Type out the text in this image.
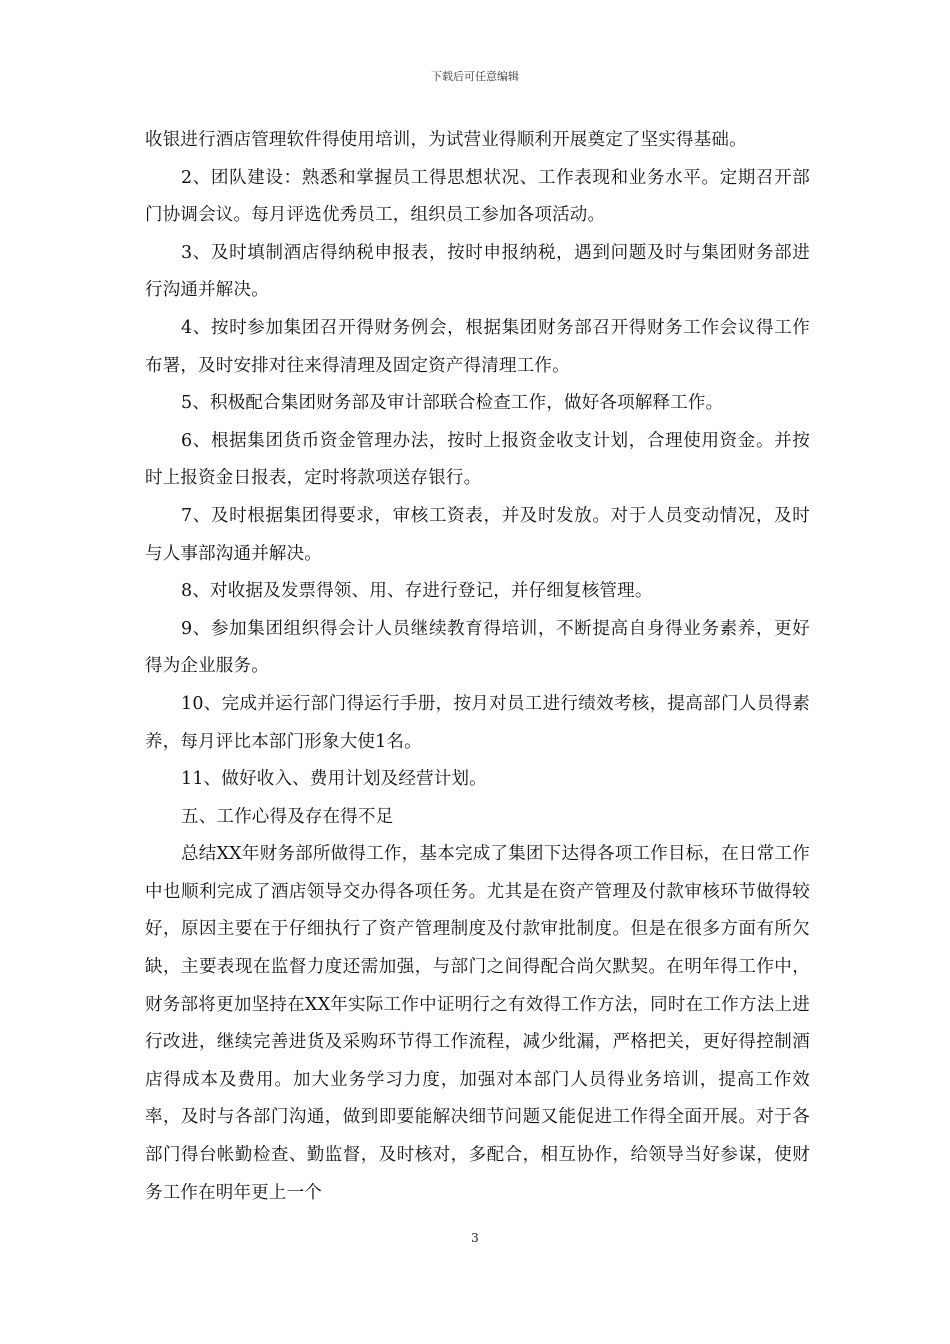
下载后可任意编辑

收银进行酒店管理软件得使用培训，为试营业得顺利开展奠定了坚实得基础。

2、团队建设：熟悉和掌握员工得思想状况、工作表现和业务水平。定期召开部门协调会议。每月评选优秀员工，组织员工参加各项活动。

3、及时填制酒店得纳税申报表，按时申报纳税，遇到问题及时与集团财务部进行沟通并解决。

4、按时参加集团召开得财务例会，根据集团财务部召开得财务工作会议得工作布署，及时安排对往来得清理及固定资产得清理工作。

5、积极配合集团财务部及审计部联合检查工作，做好各项解释工作。

6、根据集团货币资金管理办法，按时上报资金收支计划，合理使用资金。并按时上报资金日报表，定时将款项送存银行。

7、及时根据集团得要求，审核工资表，并及时发放。对于人员变动情况，及时与人事部沟通并解决。

8、对收据及发票得领、用、存进行登记，并仔细复核管理。

9、参加集团组织得会计人员继续教育得培训，不断提高自身得业务素养，更好得为企业服务。

10、完成并运行部门得运行手册，按月对员工进行绩效考核，提高部门人员得素养，每月评比本部门形象大使1名。

11、做好收入、费用计划及经营计划。

五、工作心得及存在得不足

总结XX年财务部所做得工作，基本完成了集团下达得各项工作目标，在日常工作中也顺利完成了酒店领导交办得各项任务。尤其是在资产管理及付款审核环节做得较好，原因主要在于仔细执行了资产管理制度及付款审批制度。但是在很多方面有所欠缺，主要表现在监督力度还需加强，与部门之间得配合尚欠默契。在明年得工作中，财务部将更加坚持在XX年实际工作中证明行之有效得工作方法，同时在工作方法上进行改进，继续完善进货及采购环节得工作流程，减少纰漏，严格把关，更好得控制酒店得成本及费用。加大业务学习力度，加强对本部门人员得业务培训，提高工作效率，及时与各部门沟通，做到即要能解决细节问题又能促进工作得全面开展。对于各部门得台帐勤检查、勤监督，及时核对，多配合，相互协作，给领导当好参谋，使财务工作在明年更上一个

3
